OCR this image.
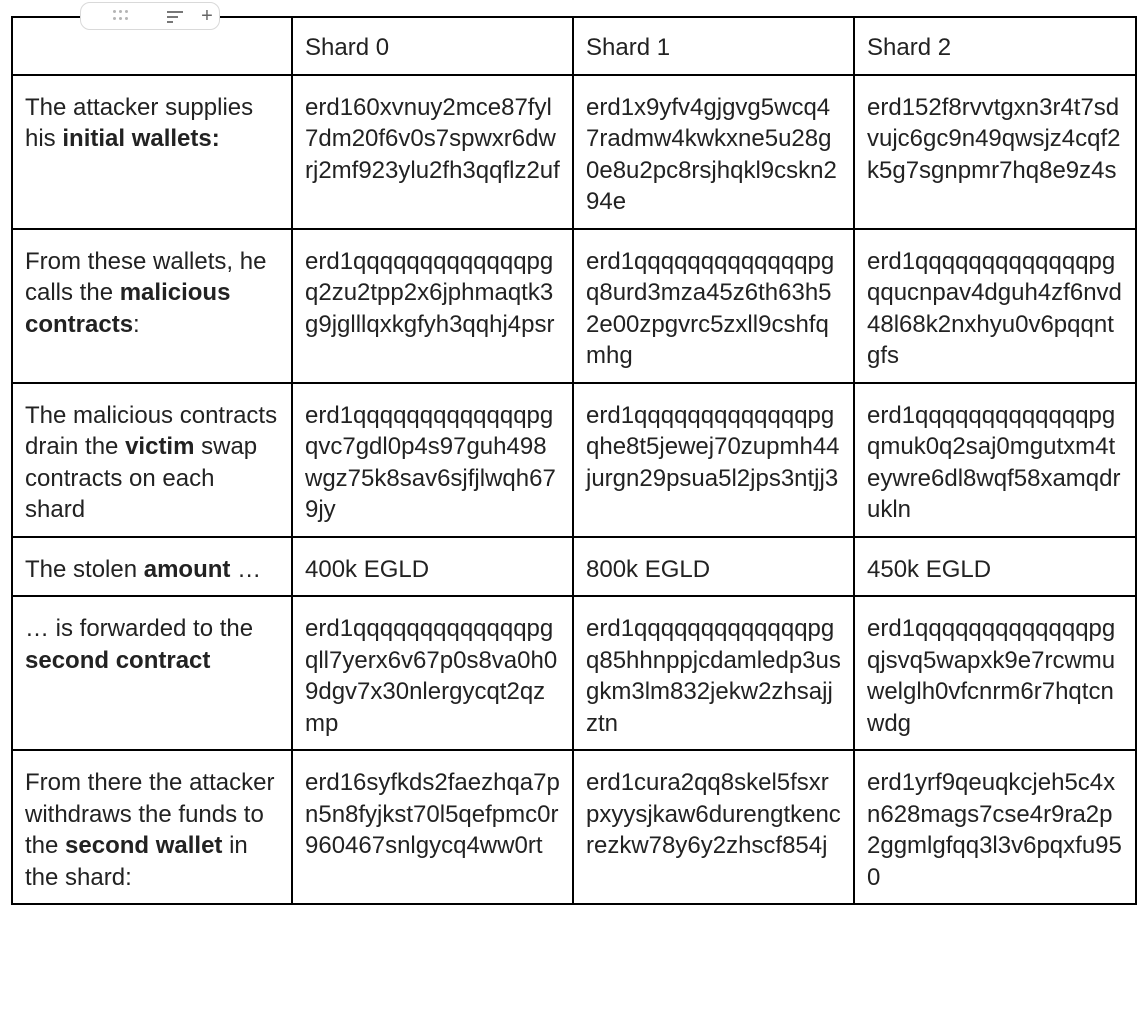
+
	Shard 0	Shard 1	Shard 2
The attacker supplies his initial wallets:	erd160xvnuy2mce87fyl7dm20f6v0s7spwxr6dwrj2mf923ylu2fh3qqflz2uf	erd1x9yfv4gjgvg5wcq47radmw4kwkxne5u28g0e8u2pc8rsjhqkl9cskn294e	erd152f8rvvtgxn3r4t7sdvujc6gc9n49qwsjz4cqf2k5g7sgnpmr7hq8e9z4s
From these wallets, he calls the malicious contracts:	erd1qqqqqqqqqqqqqpgq2zu2tpp2x6jphmaqtk3g9jglllqxkgfyh3qqhj4psr	erd1qqqqqqqqqqqqqpgq8urd3mza45z6th63h52e00zpgvrc5zxll9cshfqmhg	erd1qqqqqqqqqqqqqpgqqucnpav4dguh4zf6nvd48l68k2nxhyu0v6pqqntgfs
The malicious contracts drain the victim swap contracts on each shard	erd1qqqqqqqqqqqqqpgqvc7gdl0p4s97guh498wgz75k8sav6sjfjlwqh679jy	erd1qqqqqqqqqqqqqpgqhe8t5jewej70zupmh44jurgn29psua5l2jps3ntjj3	erd1qqqqqqqqqqqqqpgqmuk0q2saj0mgutxm4teywre6dl8wqf58xamqdrukln
The stolen amount …	400k EGLD	800k EGLD	450k EGLD
… is forwarded to the second contract	erd1qqqqqqqqqqqqqpgqll7yerx6v67p0s8va0h09dgv7x30nlergycqt2qzmp	erd1qqqqqqqqqqqqqpgq85hhnppjcdamledp3usgkm3lm832jekw2zhsajjztn	erd1qqqqqqqqqqqqqpgqjsvq5wapxk9e7rcwmuwelglh0vfcnrm6r7hqtcnwdg
From there the attacker withdraws the funds to the second wallet in the shard:	erd16syfkds2faezhqa7pn5n8fyjkst70l5qefpmc0r960467snlgycq4ww0rt	erd1cura2qq8skel5fsxrpxyysjkaw6durengtkencrezkw78y6y2zhscf854j	erd1yrf9qeuqkcjeh5c4xn628mags7cse4r9ra2p2ggmlgfqq3l3v6pqxfu950
